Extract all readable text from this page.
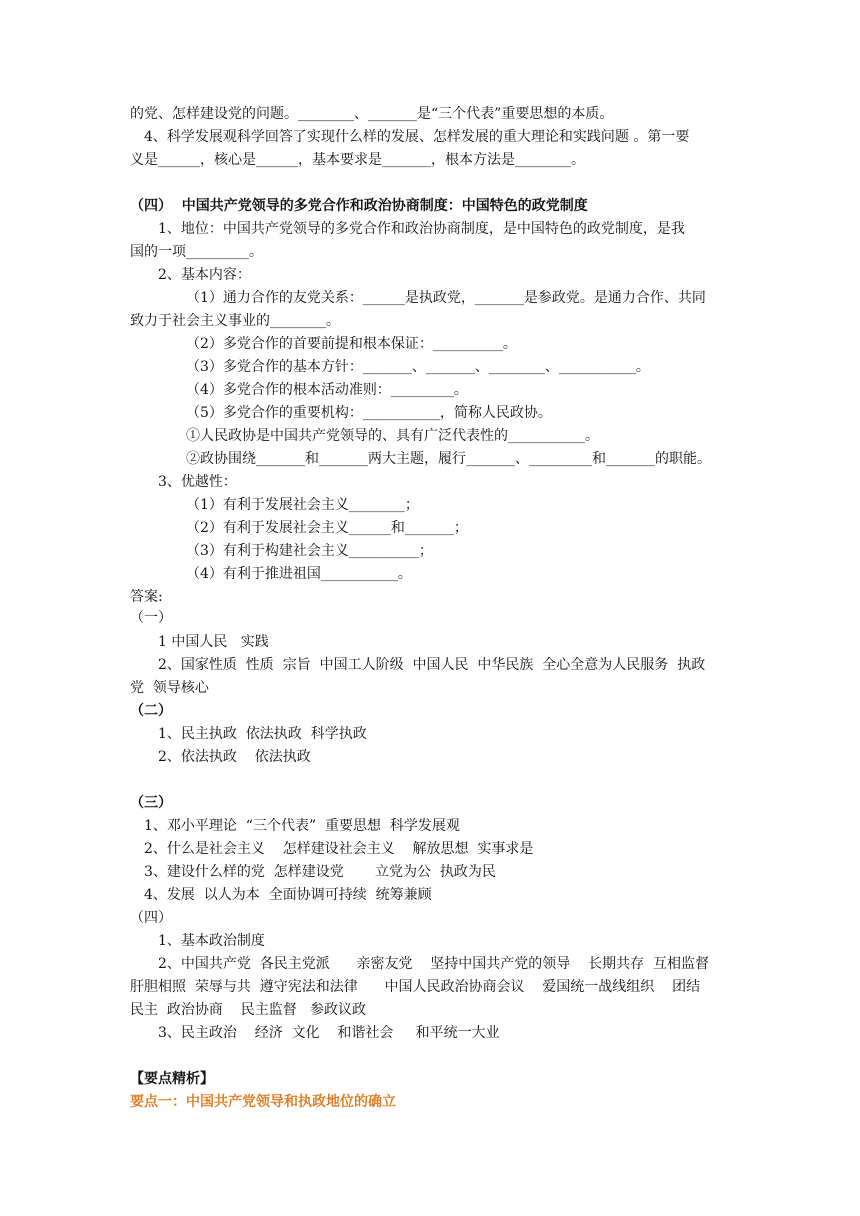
的党、怎样建设党的问题。________、_______是“三个代表”重要思想的本质。
4、科学发展观科学回答了实现什么样的发展、怎样发展的重大理论和实践问题 。第一要
义是______，核心是______，基本要求是_______，根本方法是________。
（四）  中国共产党领导的多党合作和政治协商制度：中国特色的政党制度
1、地位：中国共产党领导的多党合作和政治协商制度，是中国特色的政党制度，是我
国的一项_________。
2、基本内容：
（1）通力合作的友党关系：______是执政党，_______是参政党。是通力合作、共同
致力于社会主义事业的________。
（2）多党合作的首要前提和根本保证：__________。
（3）多党合作的基本方针：_______、_______、________、___________。
（4）多党合作的根本活动准则：_________。
（5）多党合作的重要机构：___________，简称人民政协。
①人民政协是中国共产党领导的、具有广泛代表性的___________。
②政协围绕_______和_______两大主题，履行_______、_________和_______的职能。
3、优越性：
（1）有利于发展社会主义________；
（2）有利于发展社会主义______和_______；
（3）有利于构建社会主义__________；
（4）有利于推进祖国___________。
答案:
（一）
1 中国人民   实践
2、国家性质  性质  宗旨  中国工人阶级  中国人民  中华民族  全心全意为人民服务  执政
党  领导核心
（二）
1、民主执政  依法执政  科学执政
2、依法执政    依法执政
（三）
1、邓小平理论  “三个代表”  重要思想  科学发展观
2、什么是社会主义    怎样建设社会主义    解放思想  实事求是
3、建设什么样的党  怎样建设党       立党为公  执政为民
4、发展  以人为本  全面协调可持续  统筹兼顾
（四）
1、基本政治制度
2、中国共产党  各民主党派      亲密友党    坚持中国共产党的领导    长期共存  互相监督
肝胆相照  荣辱与共  遵守宪法和法律      中国人民政治协商会议    爱国统一战线组织    团结
民主  政治协商    民主监督   参政议政
3、民主政治    经济  文化    和谐社会     和平统一大业
【要点精析】
要点一：中国共产党领导和执政地位的确立
